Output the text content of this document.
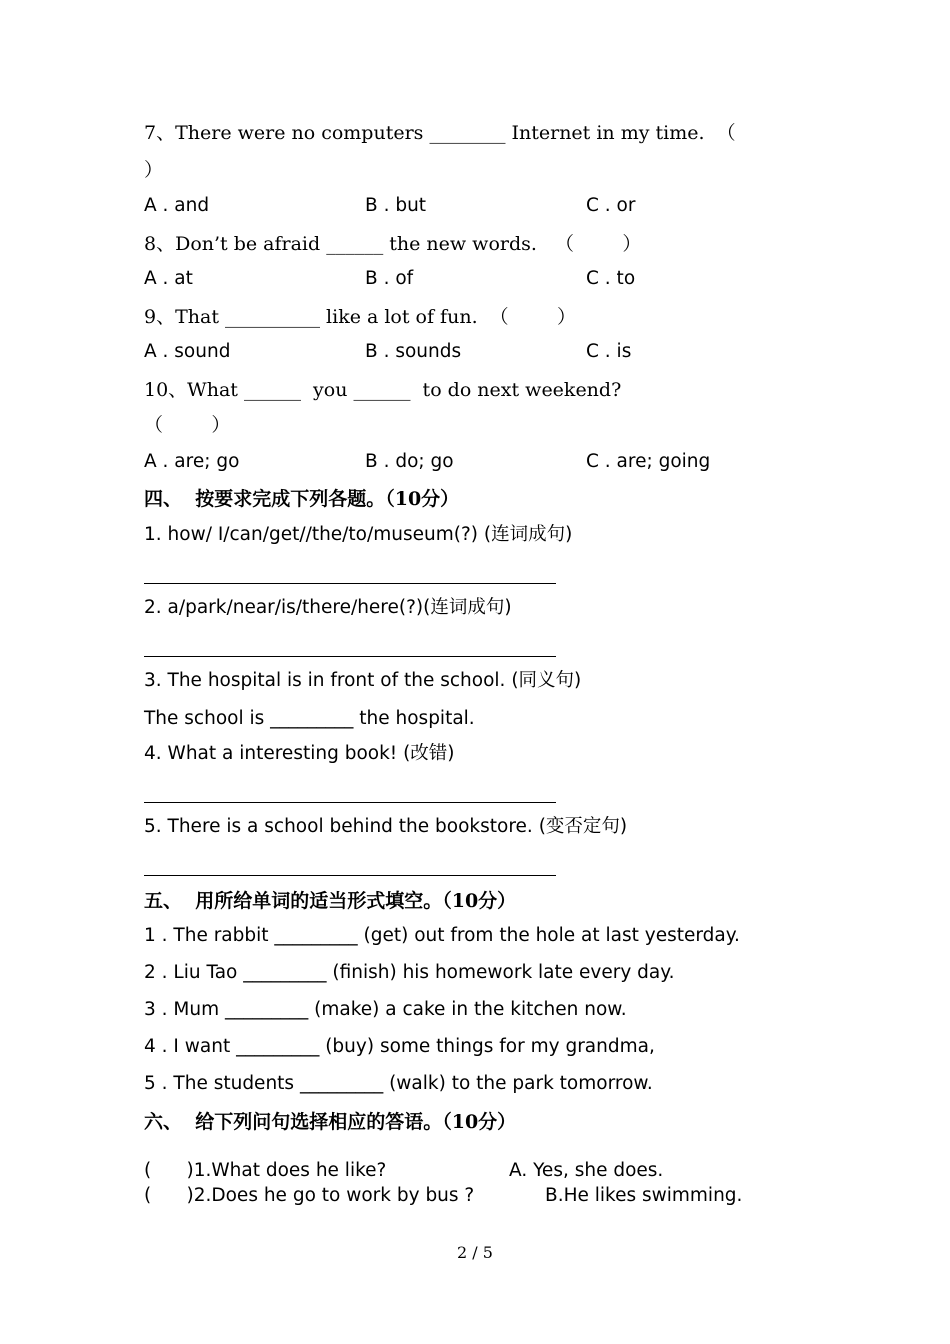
7、There were no computers ________ Internet in my time.  （
）
A . and	B . but	C . or
8、Don’t be afraid ______ the new words.   （        ）
A . at	B . of	C . to
9、That __________ like a lot of fun.  （        ）
A . sound	B . sounds	C . is
10、What ______  you ______  to do next weekend?
（        ）
A . are; go	B . do; go	C . are; going
四、  按要求完成下列各题。（10分）
1. how/ I/can/get//the/to/museum(?) (连词成句)
2. a/park/near/is/there/here(?)(连词成句)
3. The hospital is in front of the school. (同义句)
The school is _________ the hospital.
4. What a interesting book! (改错)
5. There is a school behind the bookstore. (变否定句)
五、  用所给单词的适当形式填空。（10分）
1 . The rabbit _________ (get) out from the hole at last yesterday.
2 . Liu Tao _________ (finish) his homework late every day.
3 . Mum _________ (make) a cake in the kitchen now.
4 . I want _________ (buy) some things for my grandma,
5 . The students _________ (walk) to the park tomorrow.
六、  给下列问句选择相应的答语。（10分）
(      )1.What does he like?	A. Yes, she does.
(      )2.Does he go to work by bus ?	B.He likes swimming.
2 / 5
